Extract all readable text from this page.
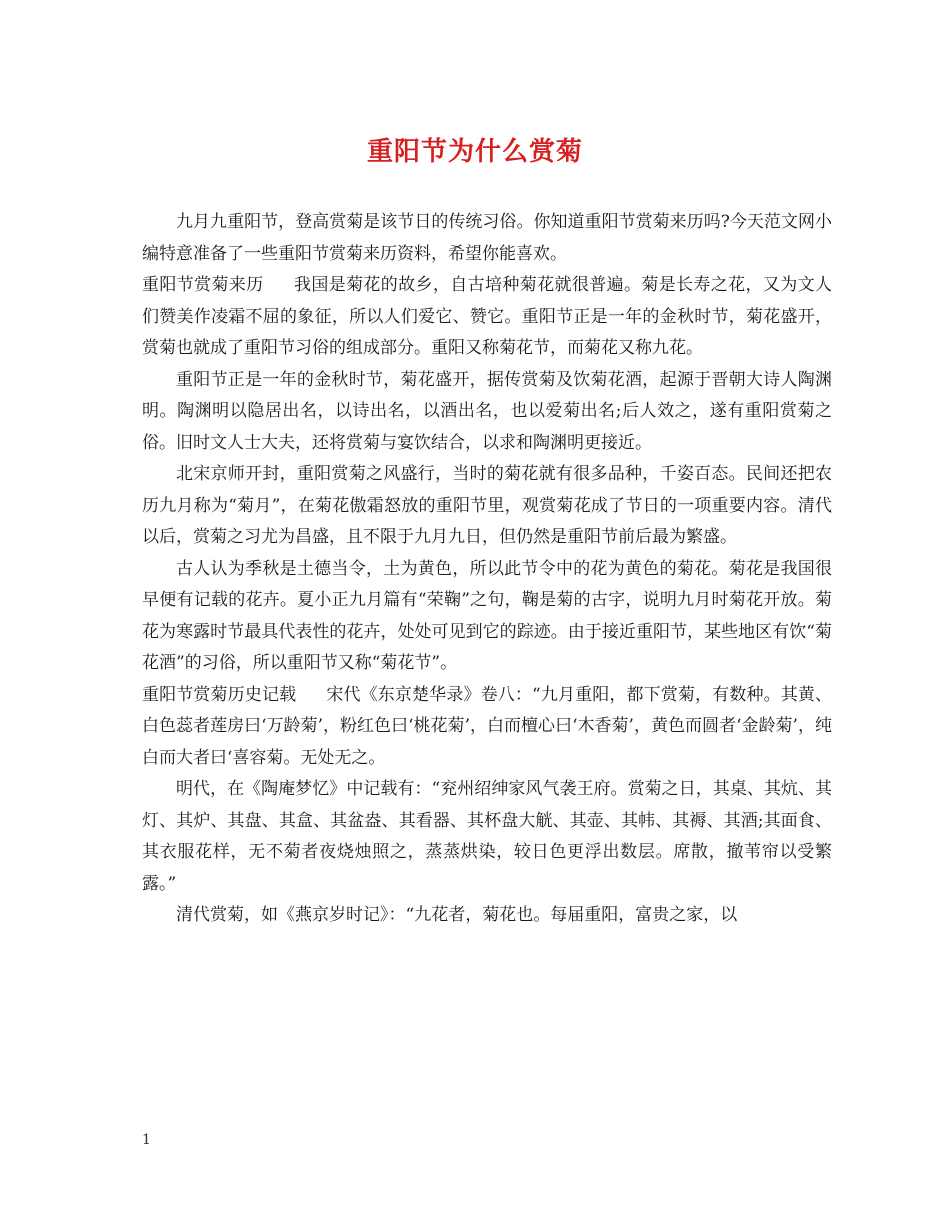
重阳节为什么赏菊

九月九重阳节，登高赏菊是该节日的传统习俗。你知道重阳节赏菊来历吗?今天范文网小编特意准备了一些重阳节赏菊来历资料，希望你能喜欢。

重阳节赏菊来历 我国是菊花的故乡，自古培种菊花就很普遍。菊是长寿之花，又为文人们赞美作凌霜不屈的象征，所以人们爱它、赞它。重阳节正是一年的金秋时节，菊花盛开，赏菊也就成了重阳节习俗的组成部分。重阳又称菊花节，而菊花又称九花。

重阳节正是一年的金秋时节，菊花盛开，据传赏菊及饮菊花酒，起源于晋朝大诗人陶渊明。陶渊明以隐居出名，以诗出名，以酒出名，也以爱菊出名;后人效之，遂有重阳赏菊之俗。旧时文人士大夫，还将赏菊与宴饮结合，以求和陶渊明更接近。

北宋京师开封，重阳赏菊之风盛行，当时的菊花就有很多品种，千姿百态。民间还把农历九月称为“菊月”，在菊花傲霜怒放的重阳节里，观赏菊花成了节日的一项重要内容。清代以后，赏菊之习尤为昌盛，且不限于九月九日，但仍然是重阳节前后最为繁盛。

古人认为季秋是土德当令，土为黄色，所以此节令中的花为黄色的菊花。菊花是我国很早便有记载的花卉。夏小正九月篇有“荣鞠”之句，鞠是菊的古字，说明九月时菊花开放。菊花为寒露时节最具代表性的花卉，处处可见到它的踪迹。由于接近重阳节，某些地区有饮“菊花酒”的习俗，所以重阳节又称“菊花节”。

重阳节赏菊历史记载 宋代《东京楚华录》卷八：“九月重阳，都下赏菊，有数种。其黄、白色蕊者莲房曰‘万龄菊’，粉红色曰‘桃花菊’，白而檀心曰‘木香菊’，黄色而圆者‘金龄菊’，纯白而大者曰‘喜容菊。无处无之。

明代，在《陶庵梦忆》中记载有：“兖州绍绅家风气袭王府。赏菊之日，其桌、其炕、其灯、其炉、其盘、其盒、其盆盎、其看器、其杯盘大觥、其壶、其帏、其褥、其酒;其面食、其衣服花样，无不菊者夜烧烛照之，蒸蒸烘染，较日色更浮出数层。席散，撤苇帘以受繁露。”

清代赏菊，如《燕京岁时记》：“九花者，菊花也。每届重阳，富贵之家，以

1
